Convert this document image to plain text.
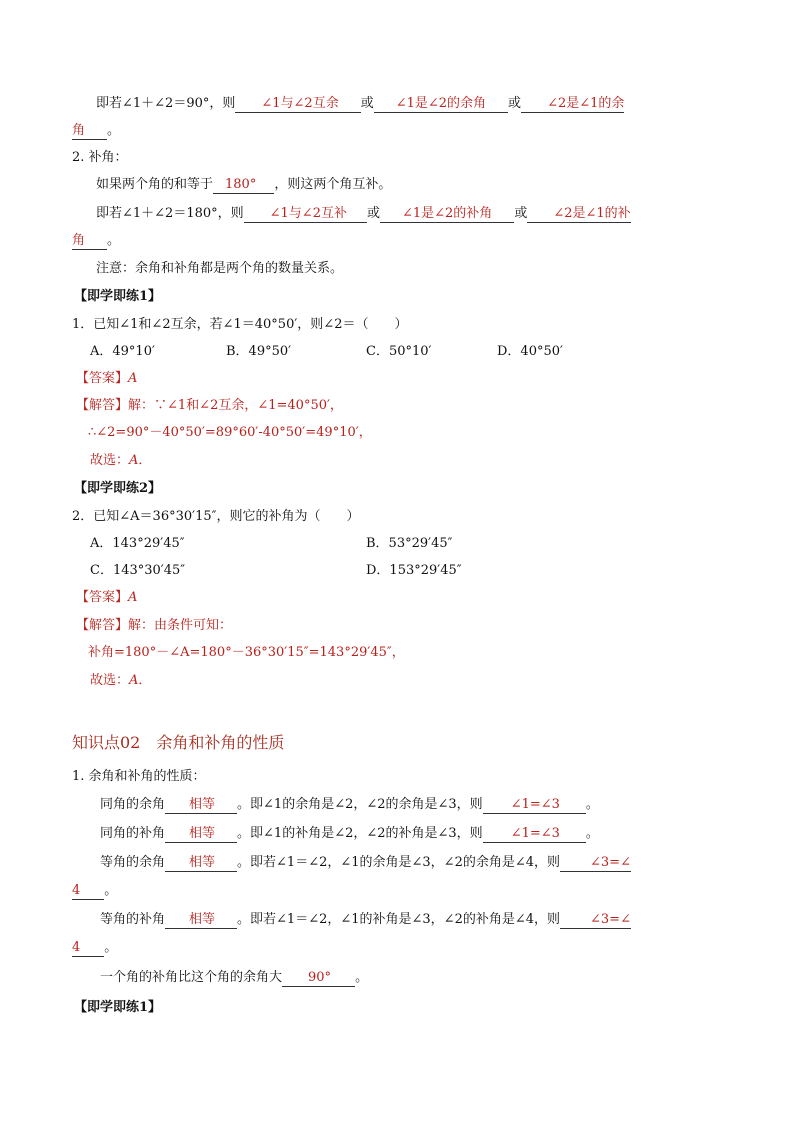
即若∠1＋∠2＝90°，则 ∠1与∠2互余 或 ∠1是∠2的余角 或 ∠2是∠1的余
角 。
2. 补角：
如果两个角的和等于 180° ，则这两个角互补。
即若∠1＋∠2＝180°，则 ∠1与∠2互补 或 ∠1是∠2的补角 或 ∠2是∠1的补
角 。
注意：余角和补角都是两个角的数量关系。
【即学即练1】
1．已知∠1和∠2互余，若∠1＝40°50′，则∠2＝（　　）
A．49°10′	B．49°50′	C．50°10′	D．40°50′
【答案】A
【解答】解：∵∠1和∠2互余，∠1=40°50′，
∴∠2=90°－40°50′=89°60′-40°50′=49°10′，
故选：A．
【即学即练2】
2．已知∠A＝36°30′15″，则它的补角为（　　）
A．143°29′45″	B．53°29′45″
C．143°30′45″	D．153°29′45″
【答案】A
【解答】解：由条件可知：
补角=180°－∠A=180°－36°30′15″=143°29′45″，
故选：A．
知识点02　余角和补角的性质
1. 余角和补角的性质：
同角的余角 相等 。即∠1的余角是∠2，∠2的余角是∠3，则 ∠1=∠3 。
同角的补角 相等 。即∠1的补角是∠2，∠2的补角是∠3，则 ∠1=∠3 。
等角的余角 相等 。即若∠1＝∠2，∠1的余角是∠3，∠2的余角是∠4，则 ∠3=∠
4 。
等角的补角 相等 。即若∠1＝∠2，∠1的补角是∠3，∠2的补角是∠4，则 ∠3=∠
4 。
一个角的补角比这个角的余角大 90° 。
【即学即练1】
